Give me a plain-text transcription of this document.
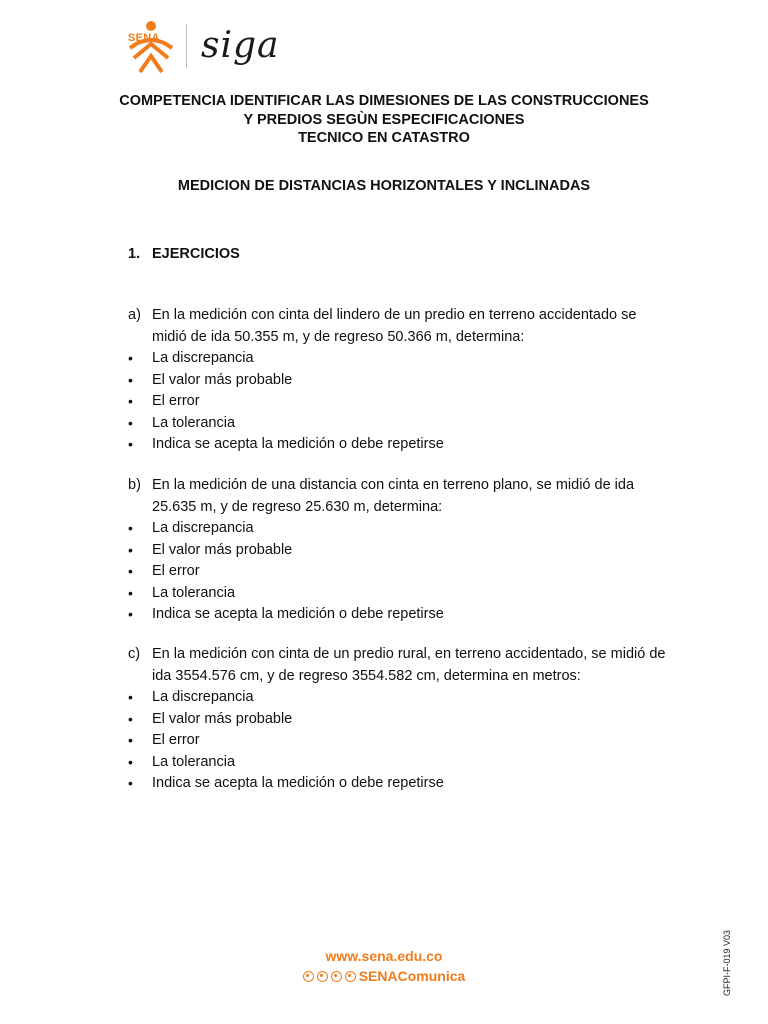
SENA siga
COMPETENCIA IDENTIFICAR LAS DIMESIONES DE LAS CONSTRUCCIONES
Y PREDIOS SEGÙN ESPECIFICACIONES
TECNICO EN CATASTRO
MEDICION DE DISTANCIAS HORIZONTALES Y INCLINADAS
1. EJERCICIOS
a) En la medición con cinta del lindero de un predio en terreno accidentado se midió de ida 50.355 m, y de regreso 50.366 m, determina:
•	La discrepancia
•	El valor más probable
•	El error
•	La tolerancia
•	Indica se acepta la medición o debe repetirse
b) En la medición de una distancia con cinta en terreno plano, se midió de ida 25.635 m, y de regreso 25.630 m, determina:
•	La discrepancia
•	El valor más probable
•	El error
•	La tolerancia
•	Indica se acepta la medición o debe repetirse
c) En la medición con cinta de un predio rural, en terreno accidentado, se midió de ida 3554.576 cm, y de regreso 3554.582 cm, determina en metros:
•	La discrepancia
•	El valor más probable
•	El error
•	La tolerancia
•	Indica se acepta la medición o debe repetirse
www.sena.edu.co
SENAComunica	GFPI-F-019 V03
